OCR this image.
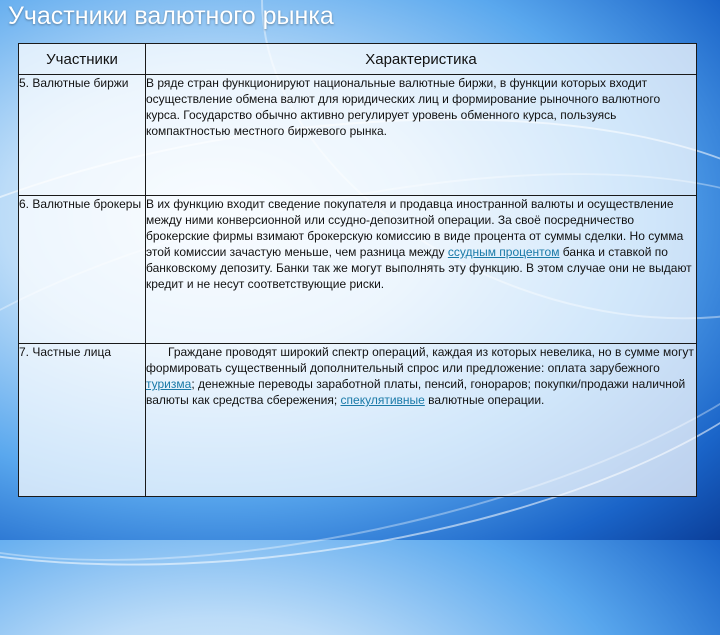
Участники валютного рынка
Участники	Характеристика
5. Валютные биржи	В ряде стран функционируют национальные валютные биржи, в функции которых входит осуществление обмена валют для юридических лиц и формирование рыночного валютного курса. Государство обычно активно регулирует уровень обменного курса, пользуясь компактностью местного биржевого рынка.
6. Валютные брокеры	В их функцию входит сведение покупателя и продавца иностранной валюты и осуществление между ними конверсионной или ссудно-депозитной операции. За своё посредничество брокерские фирмы взимают брокерскую комиссию в виде процента от суммы сделки. Но сумма этой комиссии зачастую меньше, чем разница между ссудным процентом банка и ставкой по банковскому депозиту. Банки так же могут выполнять эту функцию. В этом случае они не выдают кредит и не несут соответствующие риски.
7. Частные лица	Граждане проводят широкий спектр операций, каждая из которых невелика, но в сумме могут формировать существенный дополнительный спрос или предложение: оплата зарубежного туризма; денежные переводы заработной платы, пенсий, гонораров; покупки/продажи наличной валюты как средства сбережения; спекулятивные валютные операции.
